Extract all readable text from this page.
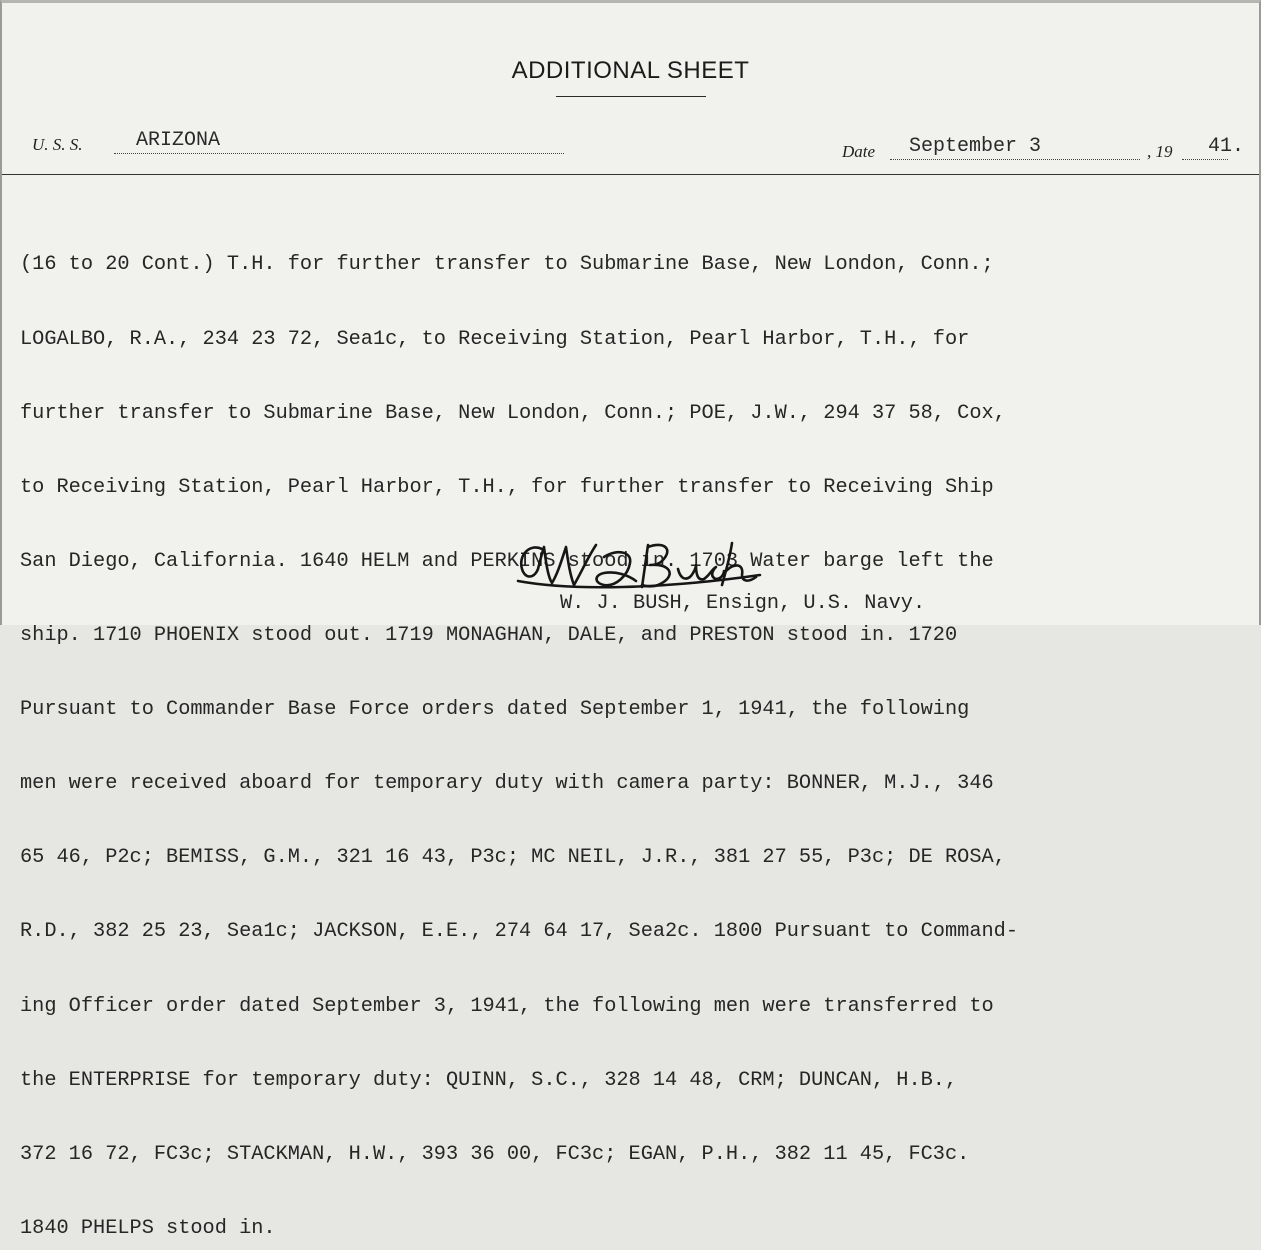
ADDITIONAL SHEET
U. S. S.	ARIZONA	Date September 3	, 19 41.

(16 to 20 Cont.) T.H. for further transfer to Submarine Base, New London, Conn.;

LOGALBO, R.A., 234 23 72, Sea1c, to Receiving Station, Pearl Harbor, T.H., for

further transfer to Submarine Base, New London, Conn.; POE, J.W., 294 37 58, Cox,

to Receiving Station, Pearl Harbor, T.H., for further transfer to Receiving Ship

San Diego, California. 1640 HELM and PERKINS stood in. 1703 Water barge left the

ship. 1710 PHOENIX stood out. 1719 MONAGHAN, DALE, and PRESTON stood in. 1720

Pursuant to Commander Base Force orders dated September 1, 1941, the following

men were received aboard for temporary duty with camera party: BONNER, M.J., 346

65 46, P2c; BEMISS, G.M., 321 16 43, P3c; MC NEIL, J.R., 381 27 55, P3c; DE ROSA,

R.D., 382 25 23, Sea1c; JACKSON, E.E., 274 64 17, Sea2c. 1800 Pursuant to Command-

ing Officer order dated September 3, 1941, the following men were transferred to

the ENTERPRISE for temporary duty: QUINN, S.C., 328 14 48, CRM; DUNCAN, H.B.,

372 16 72, FC3c; STACKMAN, H.W., 393 36 00, FC3c; EGAN, P.H., 382 11 45, FC3c.

1840 PHELPS stood in.

W. J. BUSH, Ensign, U.S. Navy.
